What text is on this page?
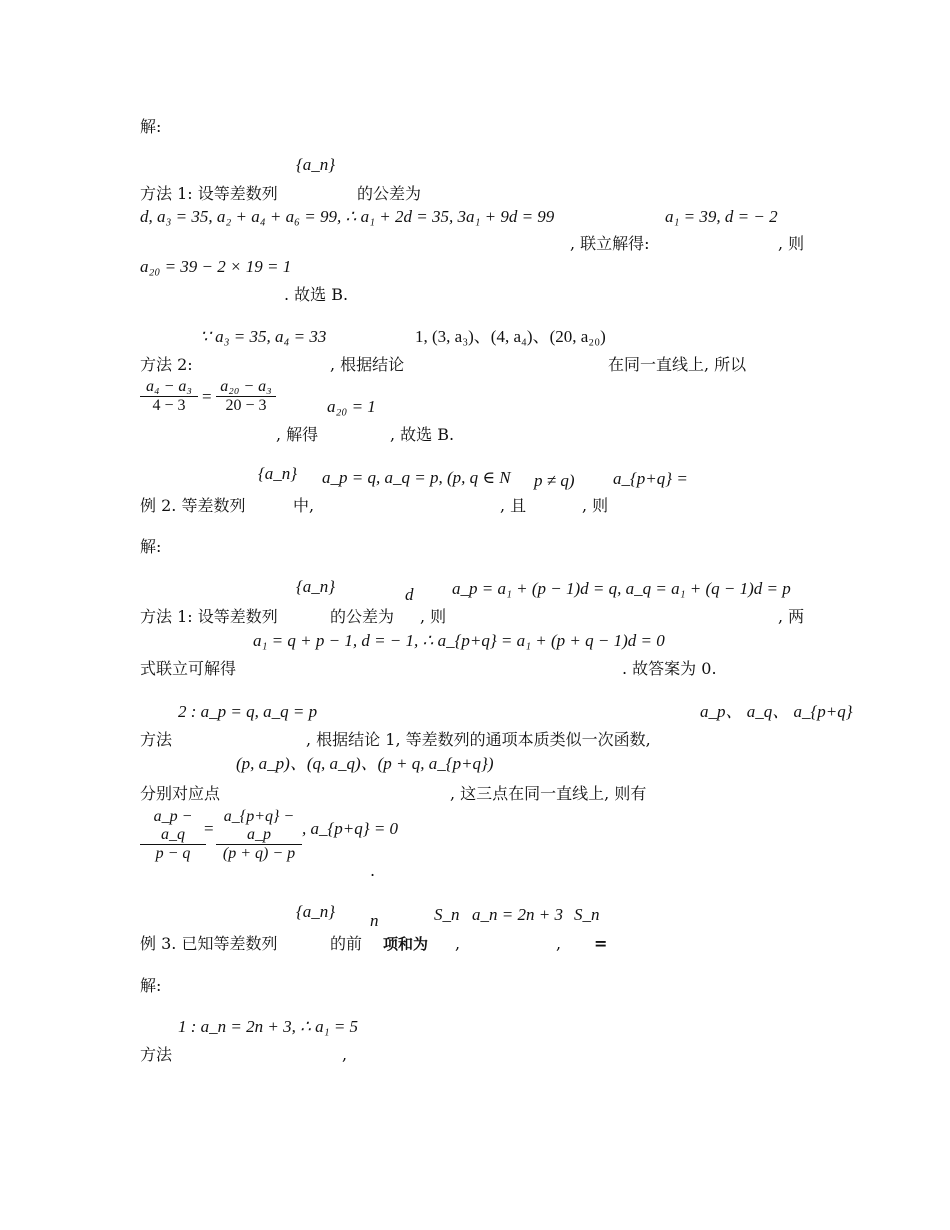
解:
{a_n}
方法 1: 设等差数列	的公差为
d, a₃ = 35, a₂ + a₄ + a₆ = 99, ∴ a₁ + 2d = 35, 3a₁ + 9d = 99	a₁ = 39, d = − 2
, 联立解得:	, 则
a₂₀ = 39 − 2 × 19 = 1
. 故选 B.
∵ a₃ = 35, a₄ = 33	1, (3, a₃)、(4, a₄)、(20, a₂₀)
方法 2:	, 根据结论	在同一直线上, 所以
$\frac{\text{a₄ − a₃}}{4 - 3} = \frac{\text{a₂₀ − a₃}}{20 - 3}$	a₂₀ = 1
, 解得	, 故选 B.
{a_n} a_p = q, a_q = p, (p, q ∈ N p ≠ q) a_{p+q} =
例 2. 等差数列	中,	, 且	, 则
解:
{a_n}	d a_p = a₁ + (p − 1)d = q, a_q = a₁ + (q − 1)d = p
方法 1: 设等差数列	的公差为 , 则	, 两
a₁ = q + p − 1, d = − 1, ∴ a_{p+q} = a₁ + (p + q − 1)d = 0
式联立可解得	. 故答案为 0.
2 : a_p = q, a_q = p	a_p、 a_q、 a_{p+q}
方法	, 根据结论 1, 等差数列的通项本质类似一次函数,
(p, a_p)、(q, a_q)、(p + q, a_{p+q})
分别对应点	, 这三点在同一直线上, 则有
$\frac{a\_p - a\_q}{p - q}$
= $\frac{a\_\{p+q\} - a\_p}{(p + q) - p}$ , a_{p+q} = 0
.
{a_n} n	S_n a_n = 2n + 3 S_n
例 3. 已知等差数列	的前 项和为 ,	, =
解:
1 : a_n = 2n + 3, ∴ a₁ = 5
方法	,
